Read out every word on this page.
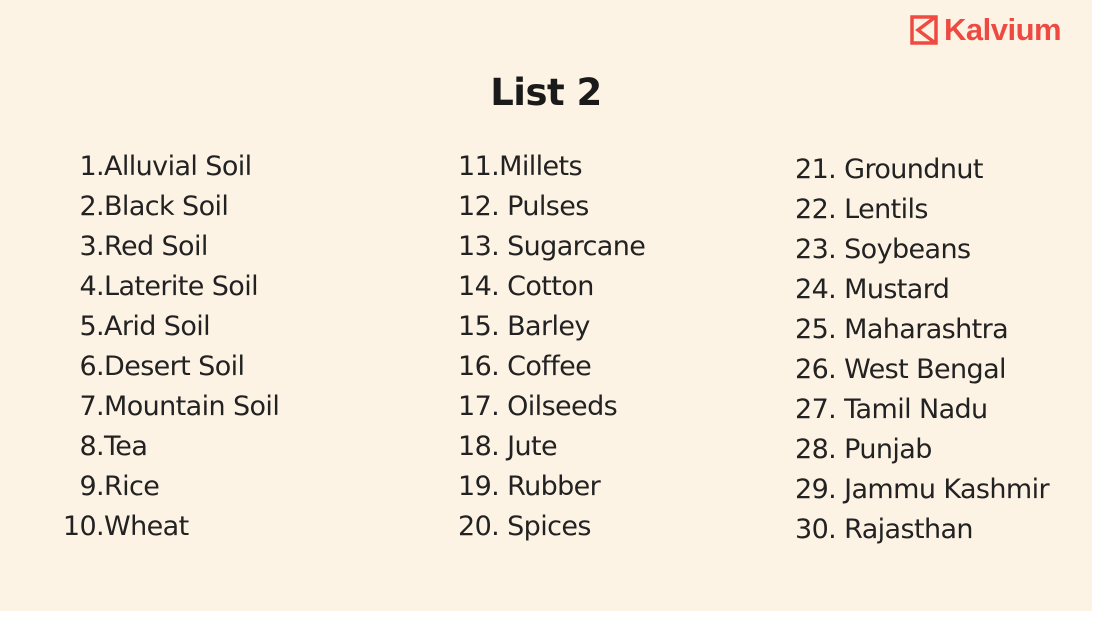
Kalvium
List 2
1. Alluvial Soil
2. Black Soil
3. Red Soil
4. Laterite Soil
5. Arid Soil
6. Desert Soil
7. Mountain Soil
8. Tea
9. Rice
10. Wheat
11. Millets
12. Pulses
13. Sugarcane
14. Cotton
15. Barley
16. Coffee
17. Oilseeds
18. Jute
19. Rubber
20. Spices
21. Groundnut
22. Lentils
23. Soybeans
24. Mustard
25. Maharashtra
26. West Bengal
27. Tamil Nadu
28. Punjab
29. Jammu Kashmir
30. Rajasthan
